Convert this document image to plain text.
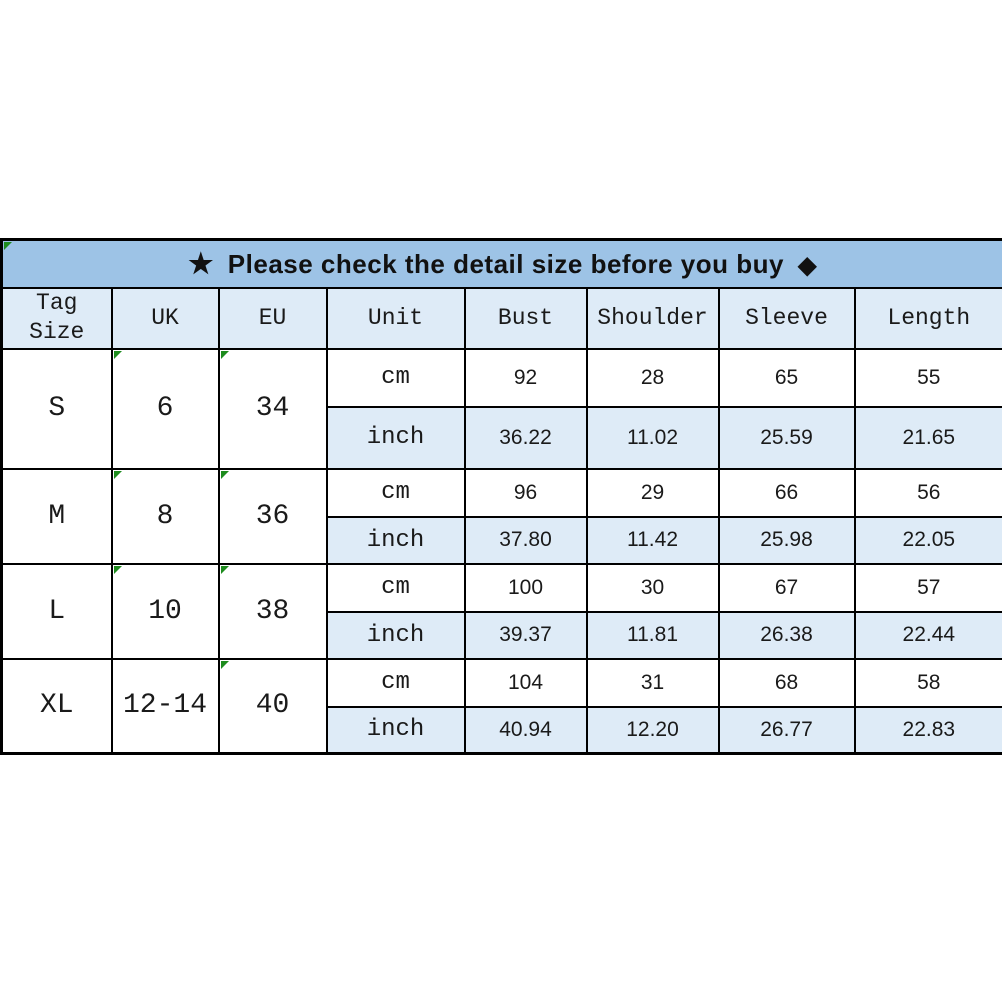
★ Please check the detail size before you buy ◆							
Tag Size	UK	EU	Unit	Bust	Shoulder	Sleeve	Length
S	6	34	cm	92	28	65	55
			inch	36.22	11.02	25.59	21.65
M	8	36	cm	96	29	66	56
			inch	37.80	11.42	25.98	22.05
L	10	38	cm	100	30	67	57
			inch	39.37	11.81	26.38	22.44
XL	12-14	40	cm	104	31	68	58
			inch	40.94	12.20	26.77	22.83
